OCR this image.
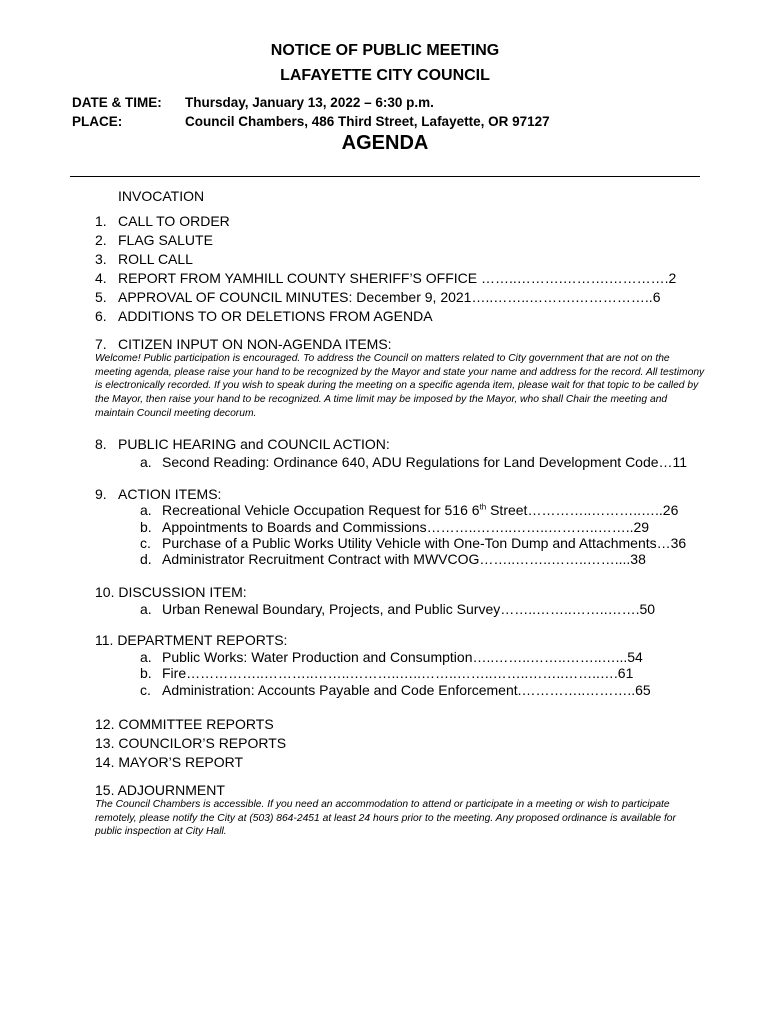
NOTICE OF PUBLIC MEETING
LAFAYETTE CITY COUNCIL
DATE & TIME: Thursday, January 13, 2022 – 6:30 p.m.
PLACE:	Council Chambers, 486 Third Street, Lafayette, OR 97127
AGENDA
INVOCATION
1. CALL TO ORDER
2. FLAG SALUTE
3. ROLL CALL
4. REPORT FROM YAMHILL COUNTY SHERIFF’S OFFICE ……..……….……….………….2
5. APPROVAL OF COUNCIL MINUTES: December 9, 2021…..……..……….……………..6
6. ADDITIONS TO OR DELETIONS FROM AGENDA
7. CITIZEN INPUT ON NON-AGENDA ITEMS:
Welcome! Public participation is encouraged. To address the Council on matters related to City government that are not on the meeting agenda, please raise your hand to be recognized by the Mayor and state your name and address for the record. All testimony is electronically recorded. If you wish to speak during the meeting on a specific agenda item, please wait for that topic to be called by the Mayor, then raise your hand to be recognized. A time limit may be imposed by the Mayor, who shall Chair the meeting and maintain Council meeting decorum.
8. PUBLIC HEARING and COUNCIL ACTION:
a. Second Reading: Ordinance 640, ADU Regulations for Land Development Code…11
9. ACTION ITEMS:
a. Recreational Vehicle Occupation Request for 516 6th Street…………..………..…..26
b. Appointments to Boards and Commissions………..……..……..………..……..29
c. Purchase of a Public Works Utility Vehicle with One-Ton Dump and Attachments…36
d. Administrator Recruitment Contract with MWVCOG……..……..……..……....38
10. DISCUSSION ITEM:
a. Urban Renewal Boundary, Projects, and Public Survey……..……..……..…….50
11. DEPARTMENT REPORTS:
a. Public Works: Water Production and Consumption…..……..……..……..…...54
b. Fire……………..………..……..………..…..……..……..……..……..……..….61
c. Administration: Accounts Payable and Code Enforcement.…………..………..65
12. COMMITTEE REPORTS
13. COUNCILOR’S REPORTS
14. MAYOR’S REPORT
15. ADJOURNMENT
The Council Chambers is accessible. If you need an accommodation to attend or participate in a meeting or wish to participate remotely, please notify the City at (503) 864-2451 at least 24 hours prior to the meeting. Any proposed ordinance is available for public inspection at City Hall.
